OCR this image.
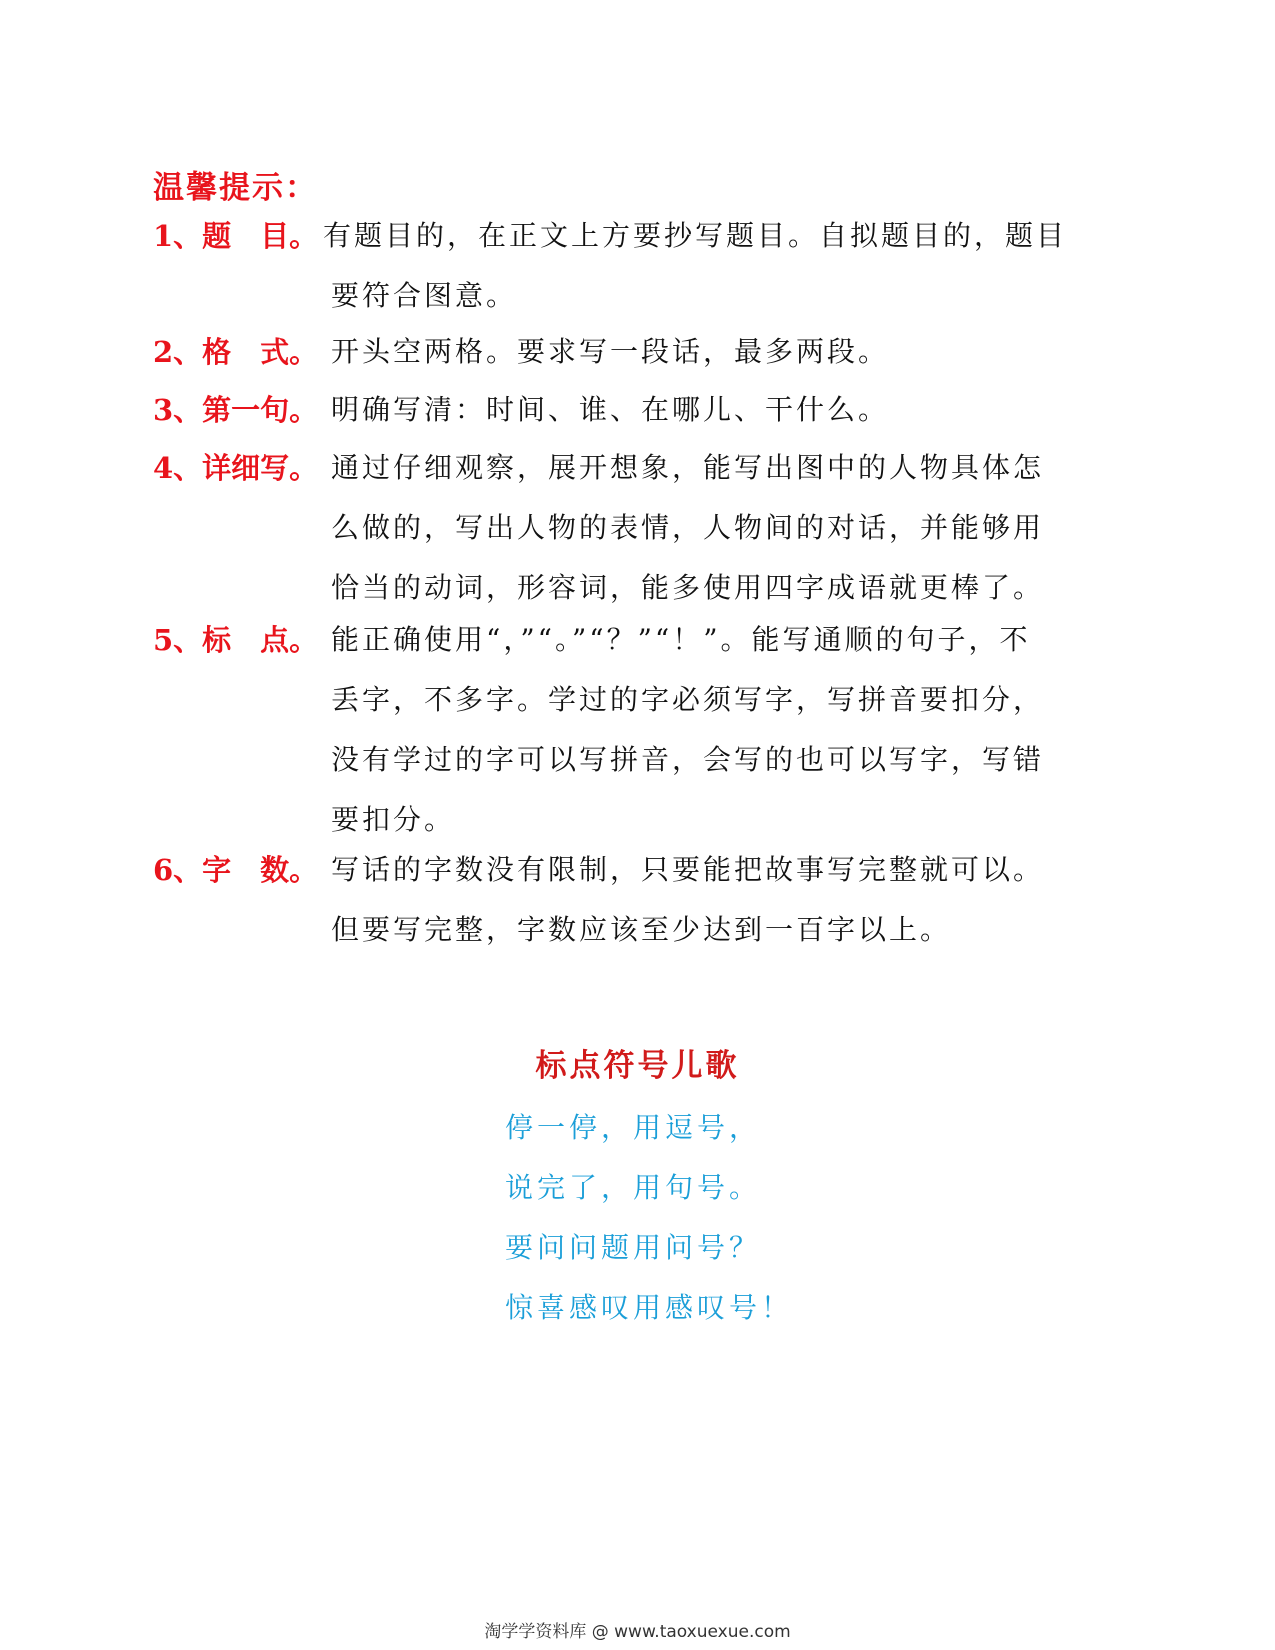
温馨提示：
1、题　目。 有题目的，在正文上方要抄写题目。自拟题目的，题目
要符合图意。
2、格　式。 开头空两格。要求写一段话，最多两段。
3、第一句。 明确写清：时间、谁、在哪儿、干什么。
4、详细写。 通过仔细观察，展开想象，能写出图中的人物具体怎
么做的，写出人物的表情，人物间的对话，并能够用
恰当的动词，形容词，能多使用四字成语就更棒了。
5、标　点。 能正确使用“，”“。”“？”“！”。能写通顺的句子，不
丢字，不多字。学过的字必须写字，写拼音要扣分，
没有学过的字可以写拼音，会写的也可以写字，写错
要扣分。
6、字　数。 写话的字数没有限制，只要能把故事写完整就可以。
但要写完整，字数应该至少达到一百字以上。
标点符号儿歌
停一停，用逗号，
说完了，用句号。
要问问题用问号？
惊喜感叹用感叹号！
淘学学资料库 @ www.taoxuexue.com
